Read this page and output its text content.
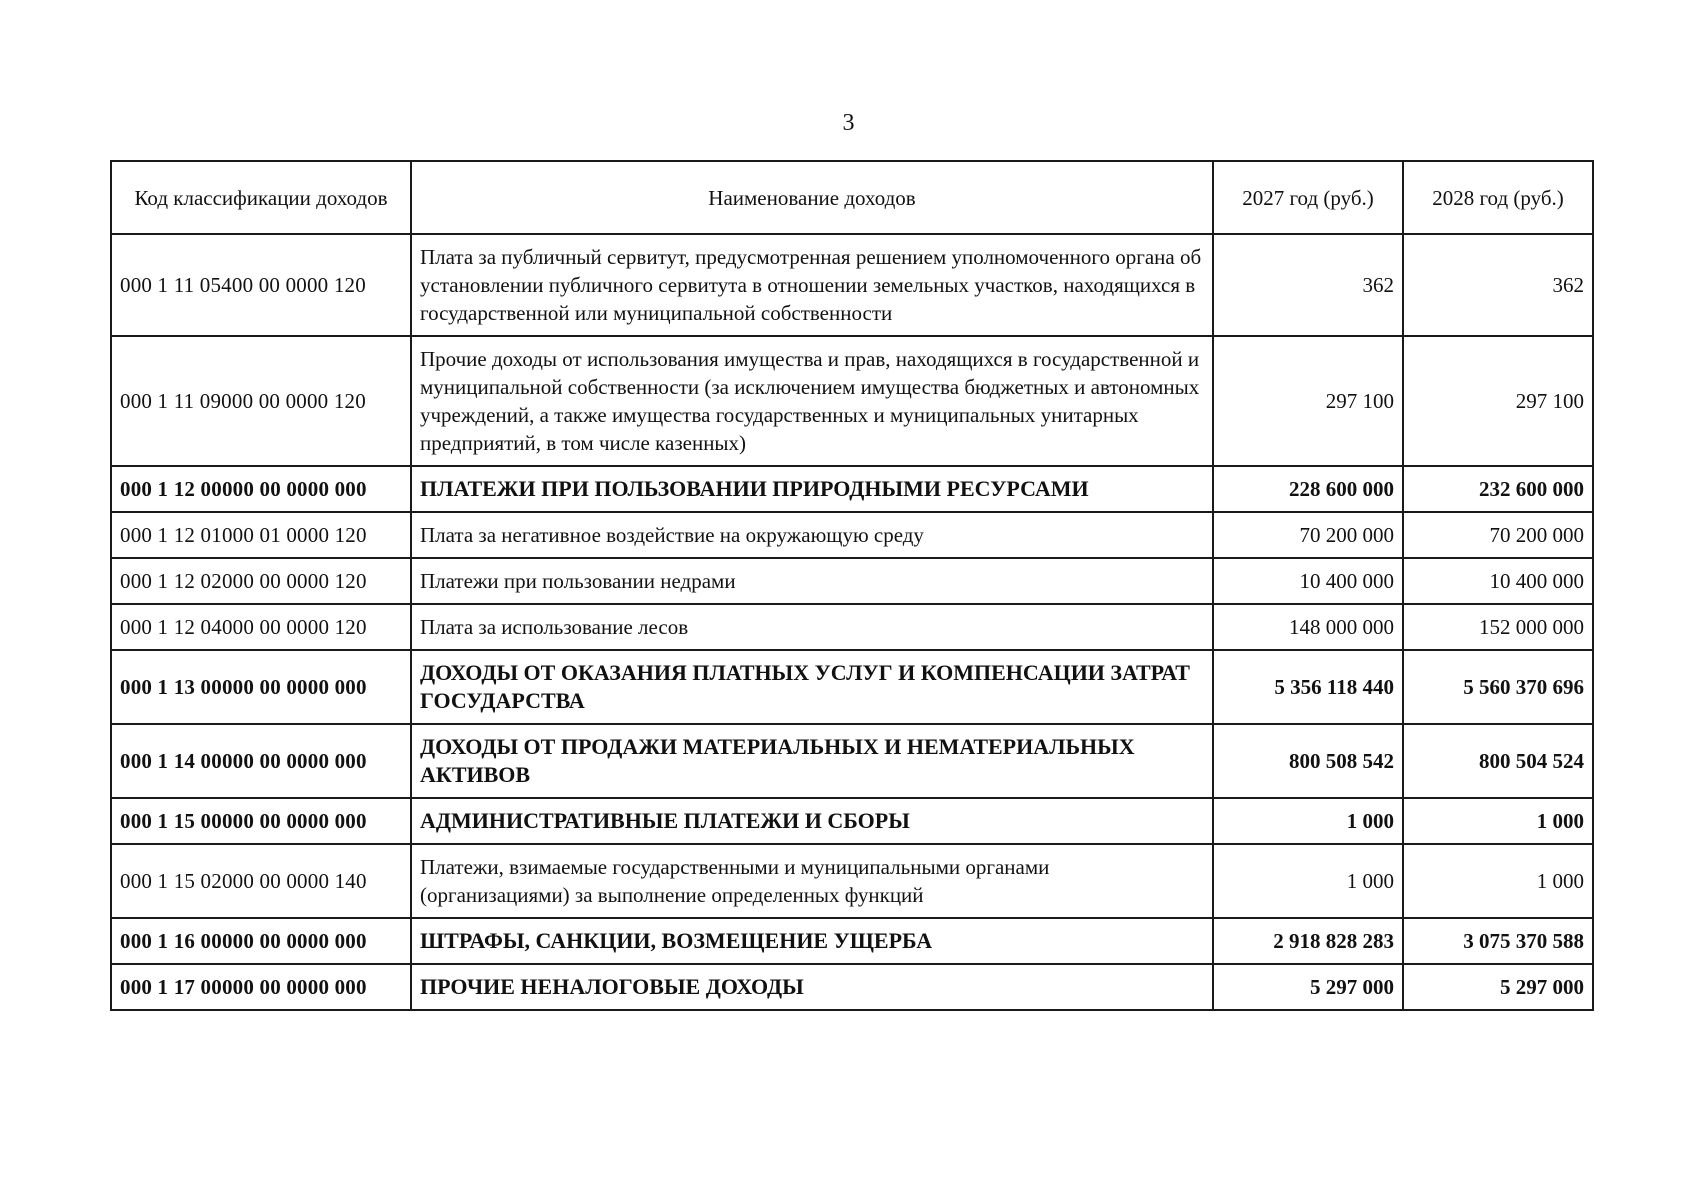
3
Код классификации доходов	Наименование доходов	2027 год (руб.)	2028 год (руб.)
000 1 11 05400 00 0000 120	Плата за публичный сервитут, предусмотренная решением уполномоченного органа об установлении публичного сервитута в отношении земельных участков, находящихся в государственной или муниципальной собственности	362	362
000 1 11 09000 00 0000 120	Прочие доходы от использования имущества и прав, находящихся в государственной и муниципальной собственности (за исключением имущества бюджетных и автономных учреждений, а также имущества государственных и муниципальных унитарных предприятий, в том числе казенных)	297 100	297 100
000 1 12 00000 00 0000 000	ПЛАТЕЖИ ПРИ ПОЛЬЗОВАНИИ ПРИРОДНЫМИ РЕСУРСАМИ	228 600 000	232 600 000
000 1 12 01000 01 0000 120	Плата за негативное воздействие на окружающую среду	70 200 000	70 200 000
000 1 12 02000 00 0000 120	Платежи при пользовании недрами	10 400 000	10 400 000
000 1 12 04000 00 0000 120	Плата за использование лесов	148 000 000	152 000 000
000 1 13 00000 00 0000 000	ДОХОДЫ ОТ ОКАЗАНИЯ ПЛАТНЫХ УСЛУГ И КОМПЕНСАЦИИ ЗАТРАТ ГОСУДАРСТВА	5 356 118 440	5 560 370 696
000 1 14 00000 00 0000 000	ДОХОДЫ ОТ ПРОДАЖИ МАТЕРИАЛЬНЫХ И НЕМАТЕРИАЛЬНЫХ АКТИВОВ	800 508 542	800 504 524
000 1 15 00000 00 0000 000	АДМИНИСТРАТИВНЫЕ ПЛАТЕЖИ И СБОРЫ	1 000	1 000
000 1 15 02000 00 0000 140	Платежи, взимаемые государственными и муниципальными органами (организациями) за выполнение определенных функций	1 000	1 000
000 1 16 00000 00 0000 000	ШТРАФЫ, САНКЦИИ, ВОЗМЕЩЕНИЕ УЩЕРБА	2 918 828 283	3 075 370 588
000 1 17 00000 00 0000 000	ПРОЧИЕ НЕНАЛОГОВЫЕ ДОХОДЫ	5 297 000	5 297 000
